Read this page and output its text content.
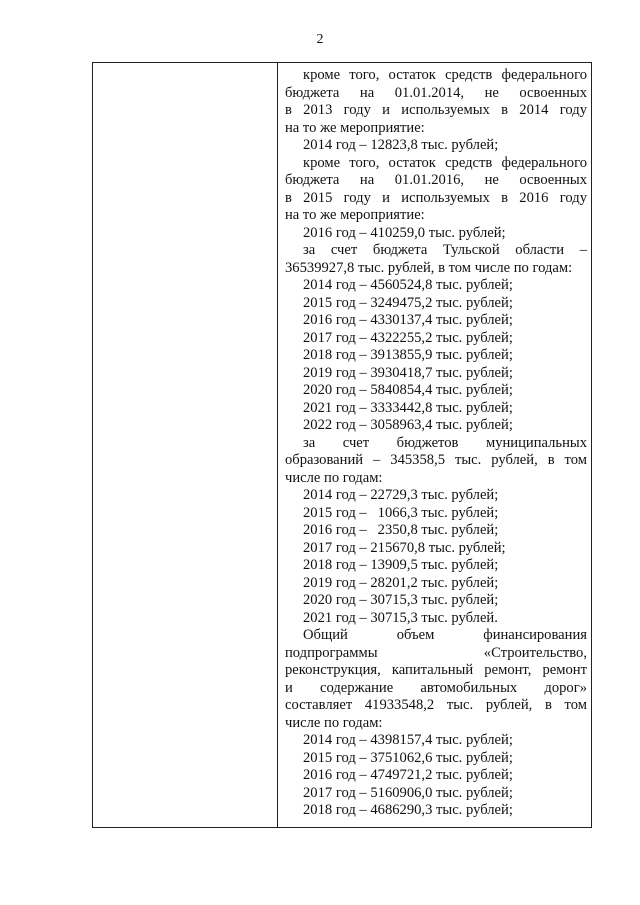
2

кроме того, остаток средств федерального

бюджета на 01.01.2014, не освоенных

в 2013 году и используемых в 2014 году

на то же мероприятие:

2014 год – 12823,8 тыс. рублей;

кроме того, остаток средств федерального

бюджета на 01.01.2016, не освоенных

в 2015 году и используемых в 2016 году

на то же мероприятие:

2016 год – 410259,0 тыс. рублей;

за счет бюджета Тульской области –

36539927,8 тыс. рублей, в том числе по годам:

2014 год – 4560524,8 тыс. рублей;

2015 год – 3249475,2 тыс. рублей;

2016 год – 4330137,4 тыс. рублей;

2017 год – 4322255,2 тыс. рублей;

2018 год – 3913855,9 тыс. рублей;

2019 год – 3930418,7 тыс. рублей;

2020 год – 5840854,4 тыс. рублей;

2021 год – 3333442,8 тыс. рублей;

2022 год – 3058963,4 тыс. рублей;

за счет бюджетов муниципальных

образований – 345358,5 тыс. рублей, в том

числе по годам:

2014 год – 22729,3 тыс. рублей;

2015 год –   1066,3 тыс. рублей;

2016 год –   2350,8 тыс. рублей;

2017 год – 215670,8 тыс. рублей;

2018 год – 13909,5 тыс. рублей;

2019 год – 28201,2 тыс. рублей;

2020 год – 30715,3 тыс. рублей;

2021 год – 30715,3 тыс. рублей.

Общий объем финансирования

подпрограммы «Строительство,

реконструкция, капитальный ремонт, ремонт

и содержание автомобильных дорог»

составляет 41933548,2 тыс. рублей, в том

числе по годам:

2014 год – 4398157,4 тыс. рублей;

2015 год – 3751062,6 тыс. рублей;

2016 год – 4749721,2 тыс. рублей;

2017 год – 5160906,0 тыс. рублей;

2018 год – 4686290,3 тыс. рублей;
